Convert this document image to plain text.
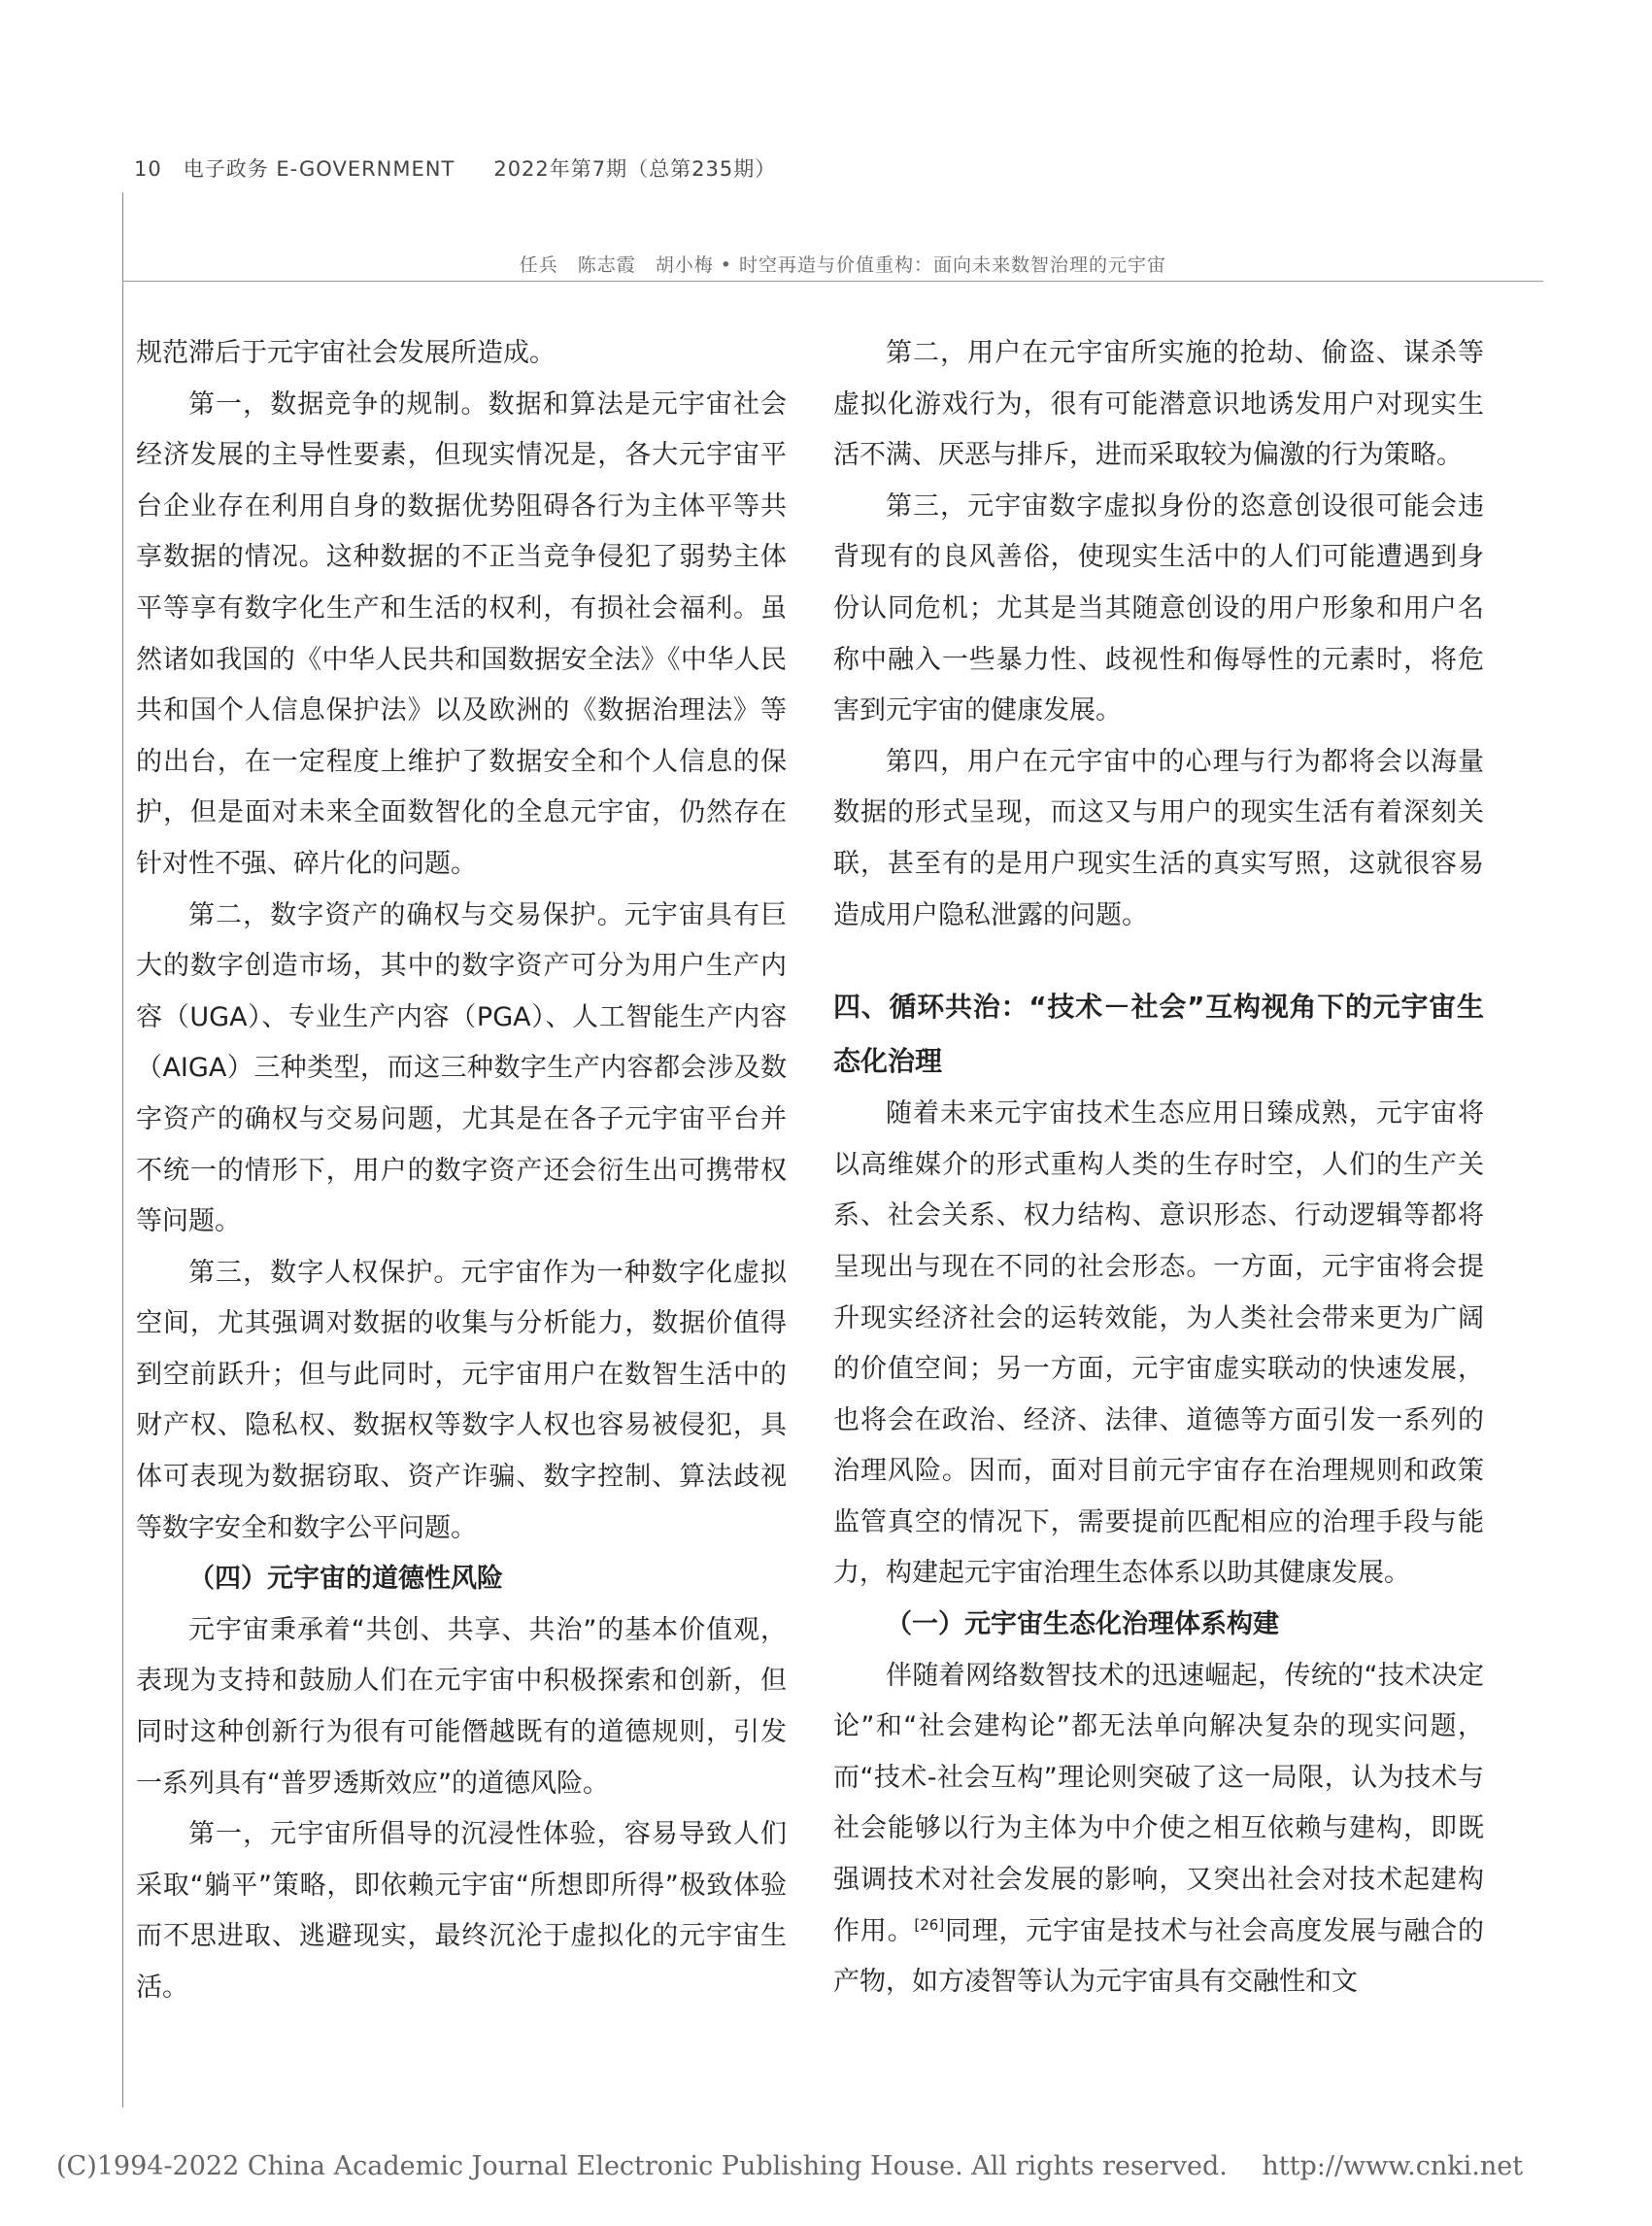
10 电子政务 E-GOVERNMENT 2022年第7期（总第235期）
任兵　陈志霞　胡小梅 • 时空再造与价值重构：面向未来数智治理的元宇宙

规范滞后于元宇宙社会发展所造成。

第一，数据竞争的规制。数据和算法是元宇宙社会经济发展的主导性要素，但现实情况是，各大元宇宙平台企业存在利用自身的数据优势阻碍各行为主体平等共享数据的情况。这种数据的不正当竞争侵犯了弱势主体平等享有数字化生产和生活的权利，有损社会福利。虽然诸如我国的《中华人民共和国数据安全法》《中华人民共和国个人信息保护法》以及欧洲的《数据治理法》等的出台，在一定程度上维护了数据安全和个人信息的保护，但是面对未来全面数智化的全息元宇宙，仍然存在针对性不强、碎片化的问题。

第二，数字资产的确权与交易保护。元宇宙具有巨大的数字创造市场，其中的数字资产可分为用户生产内容（UGA）、专业生产内容（PGA）、人工智能生产内容（AIGA）三种类型，而这三种数字生产内容都会涉及数字资产的确权与交易问题，尤其是在各子元宇宙平台并不统一的情形下，用户的数字资产还会衍生出可携带权等问题。

第三，数字人权保护。元宇宙作为一种数字化虚拟空间，尤其强调对数据的收集与分析能力，数据价值得到空前跃升；但与此同时，元宇宙用户在数智生活中的财产权、隐私权、数据权等数字人权也容易被侵犯，具体可表现为数据窃取、资产诈骗、数字控制、算法歧视等数字安全和数字公平问题。

（四）元宇宙的道德性风险

元宇宙秉承着“共创、共享、共治”的基本价值观，表现为支持和鼓励人们在元宇宙中积极探索和创新，但同时这种创新行为很有可能僭越既有的道德规则，引发一系列具有“普罗透斯效应”的道德风险。

第一，元宇宙所倡导的沉浸性体验，容易导致人们采取“躺平”策略，即依赖元宇宙“所想即所得”极致体验而不思进取、逃避现实，最终沉沦于虚拟化的元宇宙生活。

第二，用户在元宇宙所实施的抢劫、偷盗、谋杀等虚拟化游戏行为，很有可能潜意识地诱发用户对现实生活不满、厌恶与排斥，进而采取较为偏激的行为策略。

第三，元宇宙数字虚拟身份的恣意创设很可能会违背现有的良风善俗，使现实生活中的人们可能遭遇到身份认同危机；尤其是当其随意创设的用户形象和用户名称中融入一些暴力性、歧视性和侮辱性的元素时，将危害到元宇宙的健康发展。

第四，用户在元宇宙中的心理与行为都将会以海量数据的形式呈现，而这又与用户的现实生活有着深刻关联，甚至有的是用户现实生活的真实写照，这就很容易造成用户隐私泄露的问题。

四、循环共治：“技术－社会”互构视角下的元宇宙生态化治理

随着未来元宇宙技术生态应用日臻成熟，元宇宙将以高维媒介的形式重构人类的生存时空，人们的生产关系、社会关系、权力结构、意识形态、行动逻辑等都将呈现出与现在不同的社会形态。一方面，元宇宙将会提升现实经济社会的运转效能，为人类社会带来更为广阔的价值空间；另一方面，元宇宙虚实联动的快速发展，也将会在政治、经济、法律、道德等方面引发一系列的治理风险。因而，面对目前元宇宙存在治理规则和政策监管真空的情况下，需要提前匹配相应的治理手段与能力，构建起元宇宙治理生态体系以助其健康发展。

（一）元宇宙生态化治理体系构建

伴随着网络数智技术的迅速崛起，传统的“技术决定论”和“社会建构论”都无法单向解决复杂的现实问题，而“技术-社会互构”理论则突破了这一局限，认为技术与社会能够以行为主体为中介使之相互依赖与建构，即既强调技术对社会发展的影响，又突出社会对技术起建构作用。[26]同理，元宇宙是技术与社会高度发展与融合的产物，如方凌智等认为元宇宙具有交融性和文

(C)1994-2022 China Academic Journal Electronic Publishing House. All rights reserved.　 http://www.cnki.net
